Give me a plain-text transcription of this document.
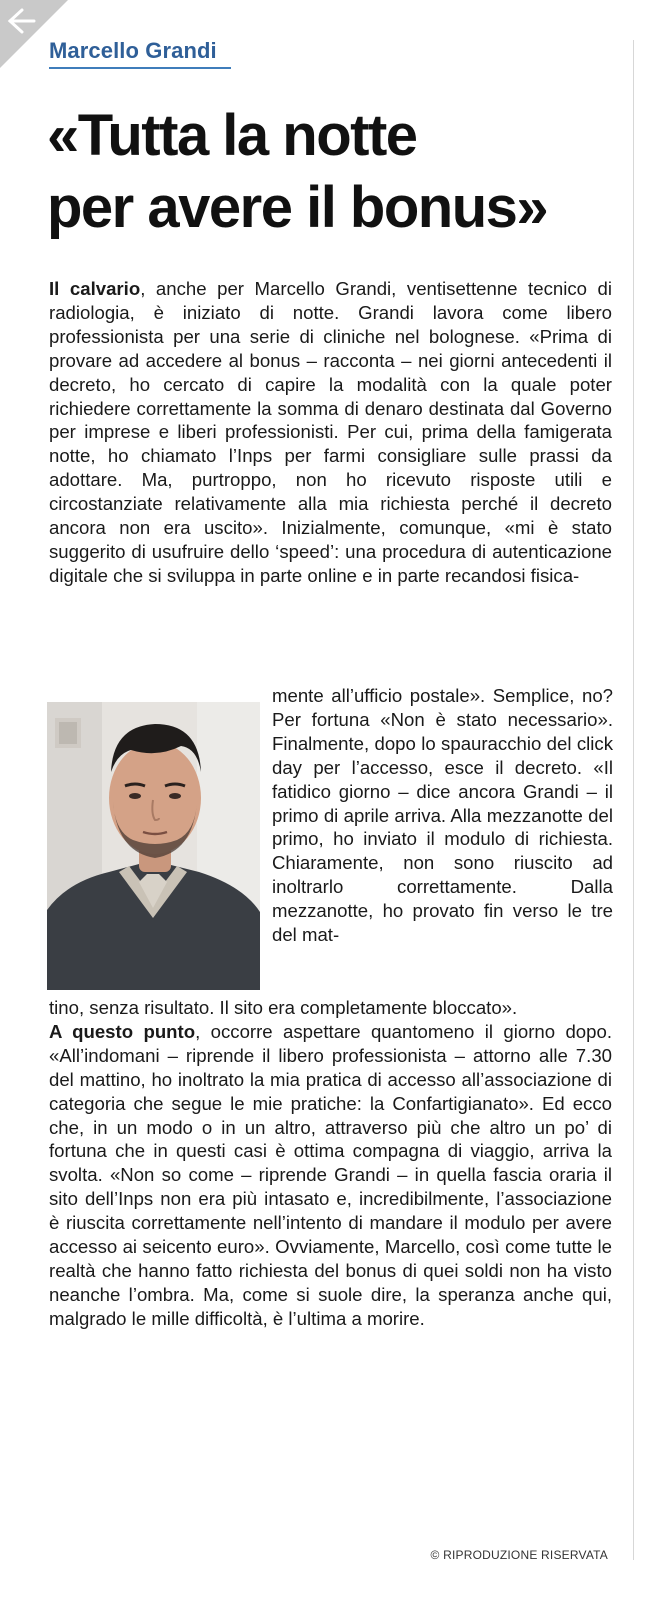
Marcello Grandi
«Tutta la notte
per avere il bonus»
Il calvario, anche per Marcello Grandi, ventisettenne tecnico di radiologia, è iniziato di notte. Grandi lavora come libero professionista per una serie di cliniche nel bolognese. «Prima di provare ad accedere al bonus – racconta – nei giorni antecedenti il decreto, ho cercato di capire la modalità con la quale poter richiedere correttamente la somma di denaro destinata dal Governo per imprese e liberi professionisti. Per cui, prima della famigerata notte, ho chiamato l’Inps per farmi consigliare sulle prassi da adottare. Ma, purtroppo, non ho ricevuto risposte utili e circostanziate relativamente alla mia richiesta perché il decreto ancora non era uscito». Inizialmente, comunque, «mi è stato suggerito di usufruire dello ‘speed’: una procedura di autenticazione digitale che si sviluppa in parte online e in parte recandosi fisica-
mente all’ufficio postale». Semplice, no? Per fortuna «Non è stato necessario». Finalmente, dopo lo spauracchio del click day per l’accesso, esce il decreto. «Il fatidico giorno – dice ancora Grandi – il primo di aprile arriva. Alla mezzanotte del primo, ho inviato il modulo di richiesta. Chiaramente, non sono riuscito ad inoltrarlo correttamente. Dalla mezzanotte, ho provato fin verso le tre del mat-
tino, senza risultato. Il sito era completamente bloccato».
A questo punto, occorre aspettare quantomeno il giorno dopo. «All’indomani – riprende il libero professionista – attorno alle 7.30 del mattino, ho inoltrato la mia pratica di accesso all’associazione di categoria che segue le mie pratiche: la Confartigianato». Ed ecco che, in un modo o in un altro, attraverso più che altro un po’ di fortuna che in questi casi è ottima compagna di viaggio, arriva la svolta. «Non so come – riprende Grandi – in quella fascia oraria il sito dell’Inps non era più intasato e, incredibilmente, l’associazione è riuscita correttamente nell’intento di mandare il modulo per avere accesso ai seicento euro». Ovviamente, Marcello, così come tutte le realtà che hanno fatto richiesta del bonus di quei soldi non ha visto neanche l’ombra. Ma, come si suole dire, la speranza anche qui, malgrado le mille difficoltà, è l’ultima a morire.
© RIPRODUZIONE RISERVATA
